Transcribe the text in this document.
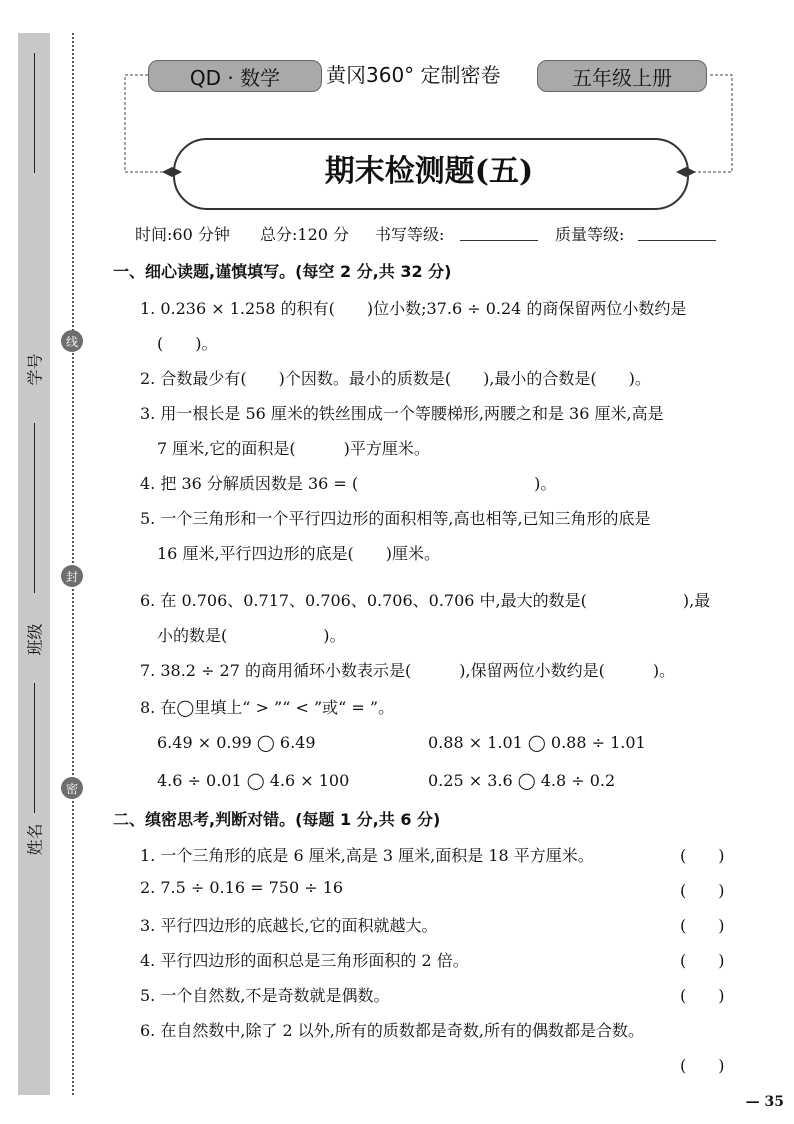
学号
班级
姓名
线
封
密
QD · 数学	黄冈360° 定制密卷	五年级上册
期末检测题(五)
时间:60 分钟 总分:120 分 书写等级:	质量等级:
一、细心读题,谨慎填写。(每空 2 分,共 32 分)
1. 0.236 × 1.258 的积有(　　)位小数;37.6 ÷ 0.24 的商保留两位小数约是
(　　)。
2. 合数最少有(　　)个因数。最小的质数是(　　),最小的合数是(　　)。
3. 用一根长是 56 厘米的铁丝围成一个等腰梯形,两腰之和是 36 厘米,高是
7 厘米,它的面积是(　　　)平方厘米。
4. 把 36 分解质因数是 36 = (　　　　　　　　　　　)。
5. 一个三角形和一个平行四边形的面积相等,高也相等,已知三角形的底是
16 厘米,平行四边形的底是(　　)厘米。
6. 在 0.706、0.717、0.706、0.706、0.706 中,最大的数是(　　　　　　),最
小的数是(　　　　　　)。
7. 38.2 ÷ 27 的商用循环小数表示是(　　　),保留两位小数约是(　　　)。
8. 在◯里填上“ > ”“ < ”或“ = ”。
6.49 × 0.99 ◯ 6.49	0.88 × 1.01 ◯ 0.88 ÷ 1.01
4.6 ÷ 0.01 ◯ 4.6 × 100	0.25 × 3.6 ◯ 4.8 ÷ 0.2
二、缜密思考,判断对错。(每题 1 分,共 6 分)
1. 一个三角形的底是 6 厘米,高是 3 厘米,面积是 18 平方厘米。	(　　)
2. 7.5 ÷ 0.16 = 750 ÷ 16	(　　)
3. 平行四边形的底越长,它的面积就越大。	(　　)
4. 平行四边形的面积总是三角形面积的 2 倍。	(　　)
5. 一个自然数,不是奇数就是偶数。	(　　)
6. 在自然数中,除了 2 以外,所有的质数都是奇数,所有的偶数都是合数。
(　　)
— 35
